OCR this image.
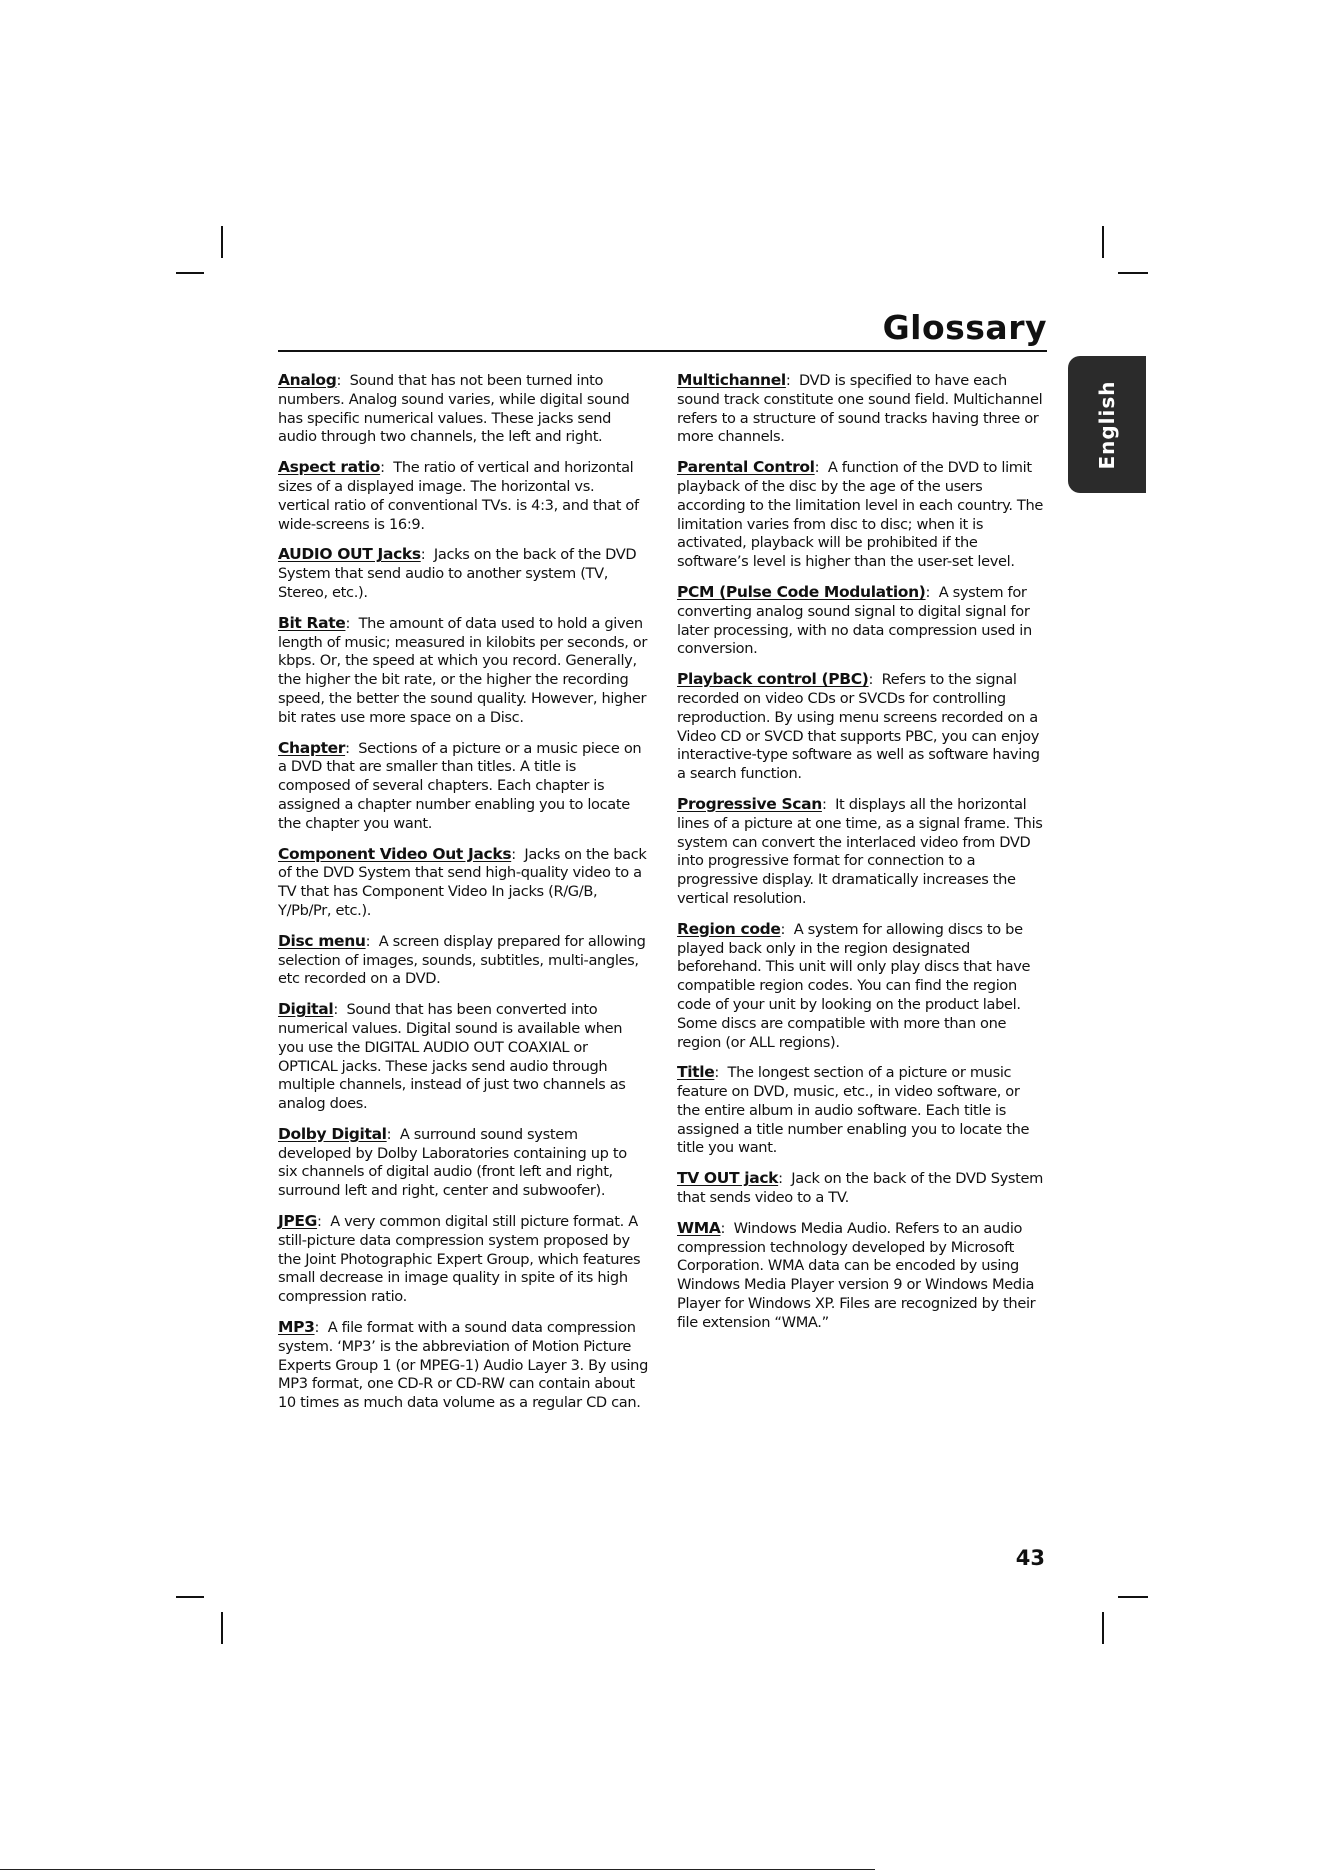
Glossary
English

Analog:  Sound that has not been turned into numbers. Analog sound varies, while digital sound has specific numerical values. These jacks send audio through two channels, the left and right.

Aspect ratio:  The ratio of vertical and horizontal sizes of a displayed image. The horizontal vs. vertical ratio of conventional TVs. is 4:3, and that of wide-screens is 16:9.

AUDIO OUT Jacks:  Jacks on the back of the DVD System that send audio to another system (TV, Stereo, etc.).

Bit Rate:  The amount of data used to hold a given length of music; measured in kilobits per seconds, or kbps. Or, the speed at which you record. Generally, the higher the bit rate, or the higher the recording speed, the better the sound quality. However, higher bit rates use more space on a Disc.

Chapter:  Sections of a picture or a music piece on a DVD that are smaller than titles. A title is composed of several chapters. Each chapter is assigned a chapter number enabling you to locate the chapter you want.

Component Video Out Jacks:  Jacks on the back of the DVD System that send high-quality video to a TV that has Component Video In jacks (R/G/B, Y/Pb/Pr, etc.).

Disc menu:  A screen display prepared for allowing selection of images, sounds, subtitles, multi-angles, etc recorded on a DVD.

Digital:  Sound that has been converted into numerical values. Digital sound is available when you use the DIGITAL AUDIO OUT COAXIAL or OPTICAL jacks. These jacks send audio through multiple channels, instead of just two channels as analog does.

Dolby Digital:  A surround sound system developed by Dolby Laboratories containing up to six channels of digital audio (front left and right, surround left and right, center and subwoofer).

JPEG:  A very common digital still picture format. A still-picture data compression system proposed by the Joint Photographic Expert Group, which features small decrease in image quality in spite of its high compression ratio.

MP3:  A file format with a sound data compression system. ‘MP3’ is the abbreviation of Motion Picture Experts Group 1 (or MPEG-1) Audio Layer 3. By using MP3 format, one CD-R or CD-RW can contain about 10 times as much data volume as a regular CD can.

Multichannel:  DVD is specified to have each sound track constitute one sound field. Multichannel refers to a structure of sound tracks having three or more channels.

Parental Control:  A function of the DVD to limit playback of the disc by the age of the users according to the limitation level in each country. The limitation varies from disc to disc; when it is activated, playback will be prohibited if the software’s level is higher than the user-set level.

PCM (Pulse Code Modulation):  A system for converting analog sound signal to digital signal for later processing, with no data compression used in conversion.

Playback control (PBC):  Refers to the signal recorded on video CDs or SVCDs for controlling reproduction. By using menu screens recorded on a Video CD or SVCD that supports PBC, you can enjoy interactive-type software as well as software having a search function.

Progressive Scan:  It displays all the horizontal lines of a picture at one time, as a signal frame. This system can convert the interlaced video from DVD into progressive format for connection to a progressive display. It dramatically increases the vertical resolution.

Region code:  A system for allowing discs to be played back only in the region designated beforehand. This unit will only play discs that have compatible region codes. You can find the region code of your unit by looking on the product label. Some discs are compatible with more than one region (or ALL regions).

Title:  The longest section of a picture or music feature on DVD, music, etc., in video software, or the entire album in audio software. Each title is assigned a title number enabling you to locate the title you want.

TV OUT jack:  Jack on the back of the DVD System that sends video to a TV.

WMA:  Windows Media Audio. Refers to an audio compression technology developed by Microsoft Corporation. WMA data can be encoded by using Windows Media Player version 9 or Windows Media Player for Windows XP. Files are recognized by their file extension “WMA.”

43
